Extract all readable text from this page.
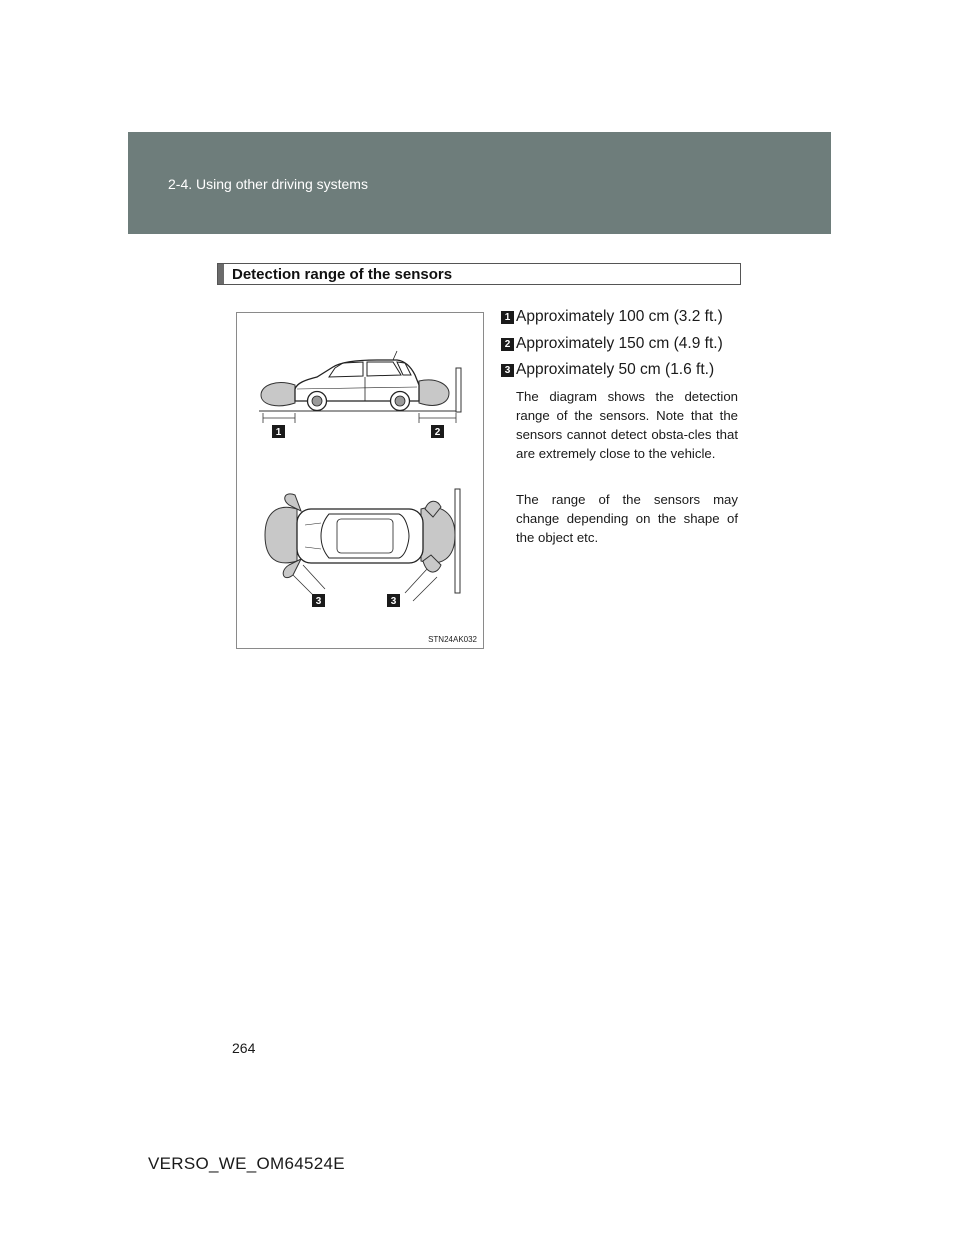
2-4. Using other driving systems
Detection range of the sensors
1	2
3	3
STN24AK032
1 Approximately 100 cm (3.2 ft.)
2 Approximately 150 cm (4.9 ft.)
3 Approximately 50 cm (1.6 ft.)

The diagram shows the detection range of the sensors. Note that the sensors cannot detect obsta-cles that are extremely close to the vehicle.

The range of the sensors may change depending on the shape of the object etc.

264
VERSO_WE_OM64524E
